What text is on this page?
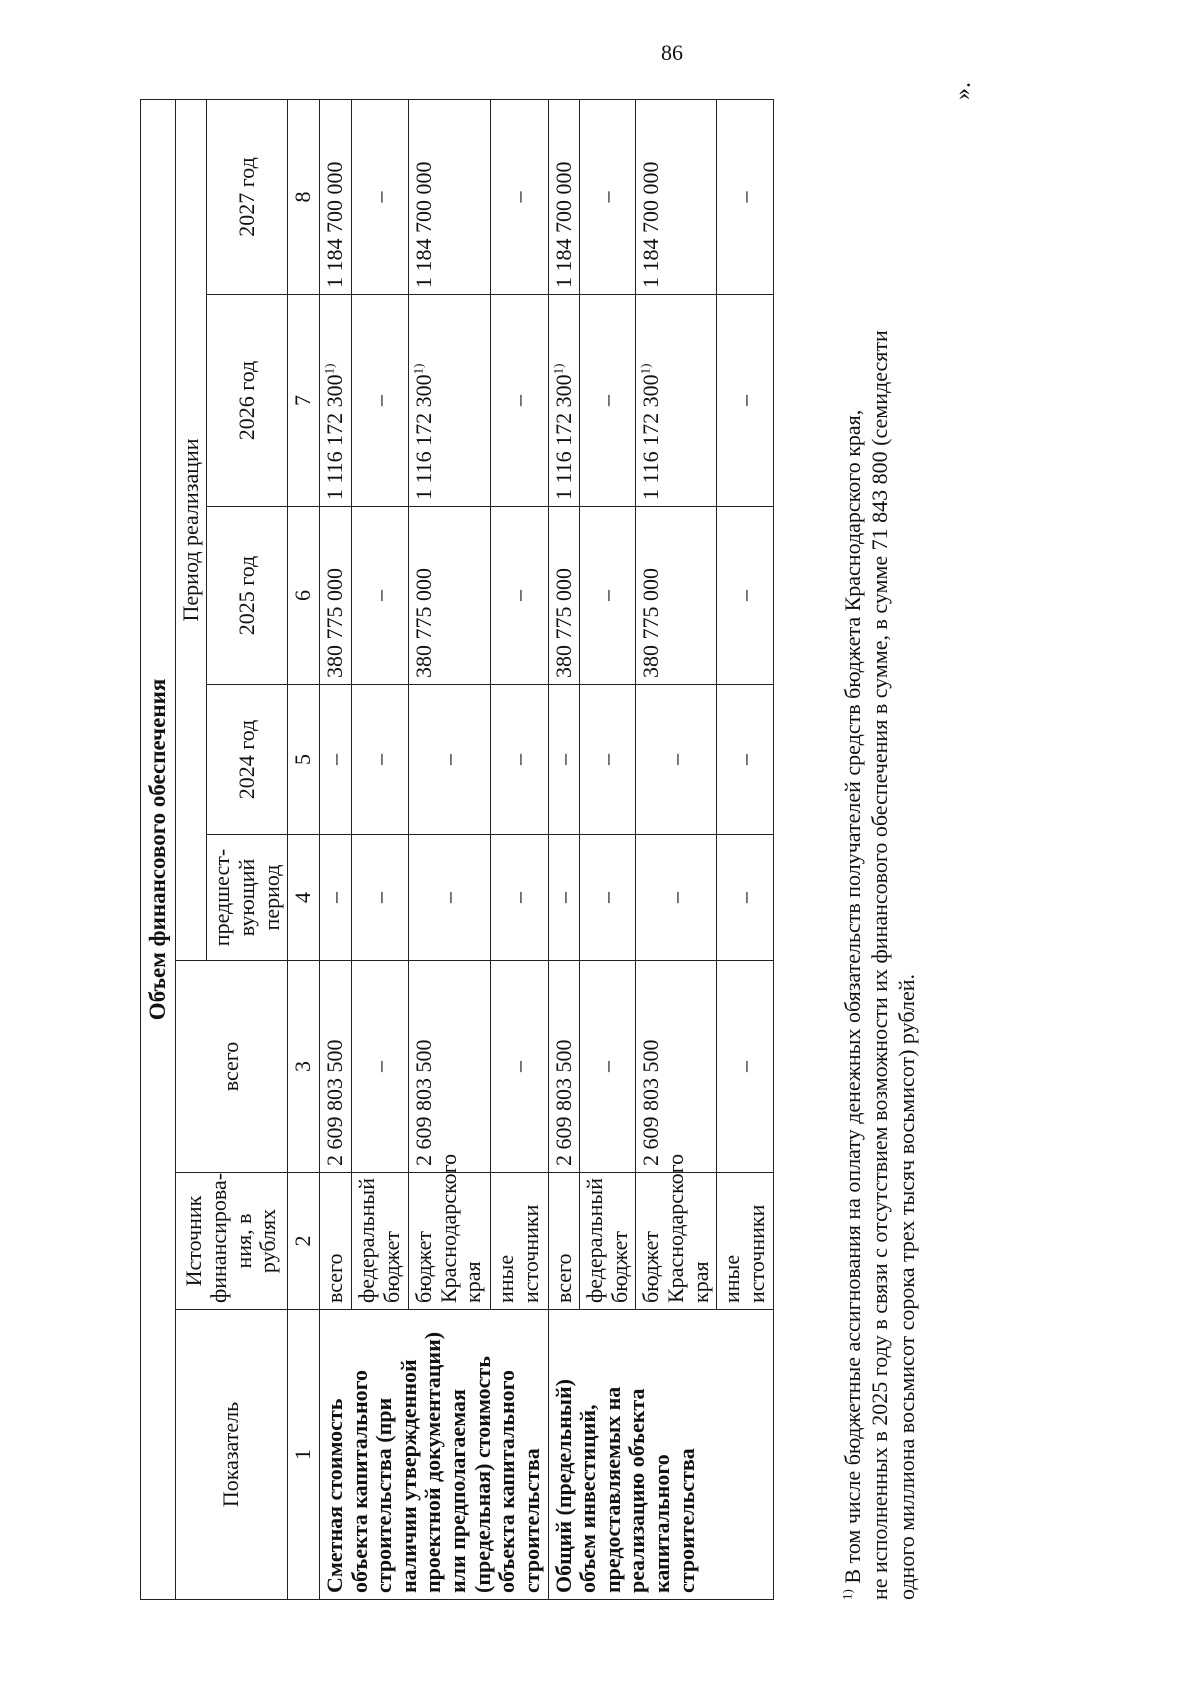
86
Объем финансового обеспечения							
Показатель	Источник финансирова-ния, в рублях	всего	Период реализации				
			предшест-вующий период	2024 год	2025 год	2026 год	2027 год
1	2	3	4	5	6	7	8
Сметная стоимость объекта капитального строительства (при наличии утвержденной проектной документации) или предполагаемая (предельная) стоимость объекта капитального строительства	всего	2 609 803 500	–	–	380 775 000	1 116 172 300$^{1)}$	1 184 700 000
	федеральный бюджет	–	–	–	–	–	–
	бюджет Краснодарского края	2 609 803 500	–	–	380 775 000	1 116 172 300$^{1)}$	1 184 700 000
	иные источники	–	–	–	–	–	–
Общий (предельный) объем инвестиций, предоставляемых на реализацию объекта капитального строительства	всего	2 609 803 500	–	–	380 775 000	1 116 172 300$^{1)}$	1 184 700 000
	федеральный бюджет	–	–	–	–	–	–
	бюджет Краснодарского края	2 609 803 500	–	–	380 775 000	1 116 172 300$^{1)}$	1 184 700 000
	иные источники	–	–	–	–	–	–
$^{1)}$ В том числе бюджетные ассигнования на оплату денежных обязательств получателей средств бюджета Краснодарского края, не исполненных в 2025 году в связи с отсутствием возможности их финансового обеспечения в сумме, в сумме 71 843 800 (семидесяти одного миллиона восьмисот сорока трех тысяч восьмисот) рублей.
».
